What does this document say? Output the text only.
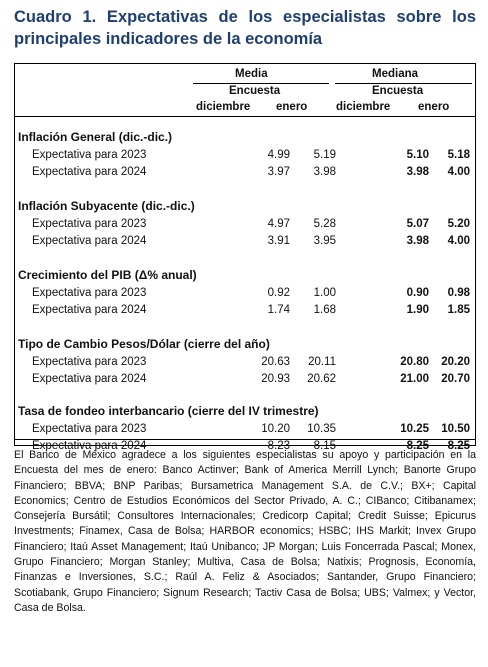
Cuadro 1. Expectativas de los especialistas sobre los principales indicadores de la economía
Media	Mediana
Encuesta	Encuesta
diciembre enero diciembre enero
Inflación General (dic.-dic.)
Expectativa para 2023	4.99	5.19	5.10	5.18
Expectativa para 2024	3.97	3.98	3.98	4.00
Inflación Subyacente (dic.-dic.)
Expectativa para 2023	4.97	5.28	5.07	5.20
Expectativa para 2024	3.91	3.95	3.98	4.00
Crecimiento del PIB (Δ% anual)
Expectativa para 2023	0.92	1.00	0.90	0.98
Expectativa para 2024	1.74	1.68	1.90	1.85
Tipo de Cambio Pesos/Dólar (cierre del año)
Expectativa para 2023	20.63	20.11	20.80	20.20
Expectativa para 2024	20.93	20.62	21.00	20.70
Tasa de fondeo interbancario (cierre del IV trimestre)
Expectativa para 2023	10.20	10.35	10.25	10.50
Expectativa para 2024	8.23	8.15	8.25	8.25
El Banco de México agradece a los siguientes especialistas su apoyo y participación en la Encuesta del mes de enero: Banco Actinver; Bank of America Merrill Lynch; Banorte Grupo Financiero; BBVA; BNP Paribas; Bursametrica Management S.A. de C.V.; BX+; Capital Economics; Centro de Estudios Económicos del Sector Privado, A. C.; CIBanco; Citibanamex; Consejería Bursátil; Consultores Internacionales; Credicorp Capital; Credit Suisse; Epicurus Investments; Finamex, Casa de Bolsa; HARBOR economics; HSBC; IHS Markit; Invex Grupo Financiero; Itaú Asset Management; Itaú Unibanco; JP Morgan; Luis Foncerrada Pascal; Monex, Grupo Financiero; Morgan Stanley; Multiva, Casa de Bolsa; Natixis; Prognosis, Economía, Finanzas e Inversiones, S.C.; Raúl A. Feliz & Asociados; Santander, Grupo Financiero; Scotiabank, Grupo Financiero; Signum Research; Tactiv Casa de Bolsa; UBS; Valmex; y Vector, Casa de Bolsa.
